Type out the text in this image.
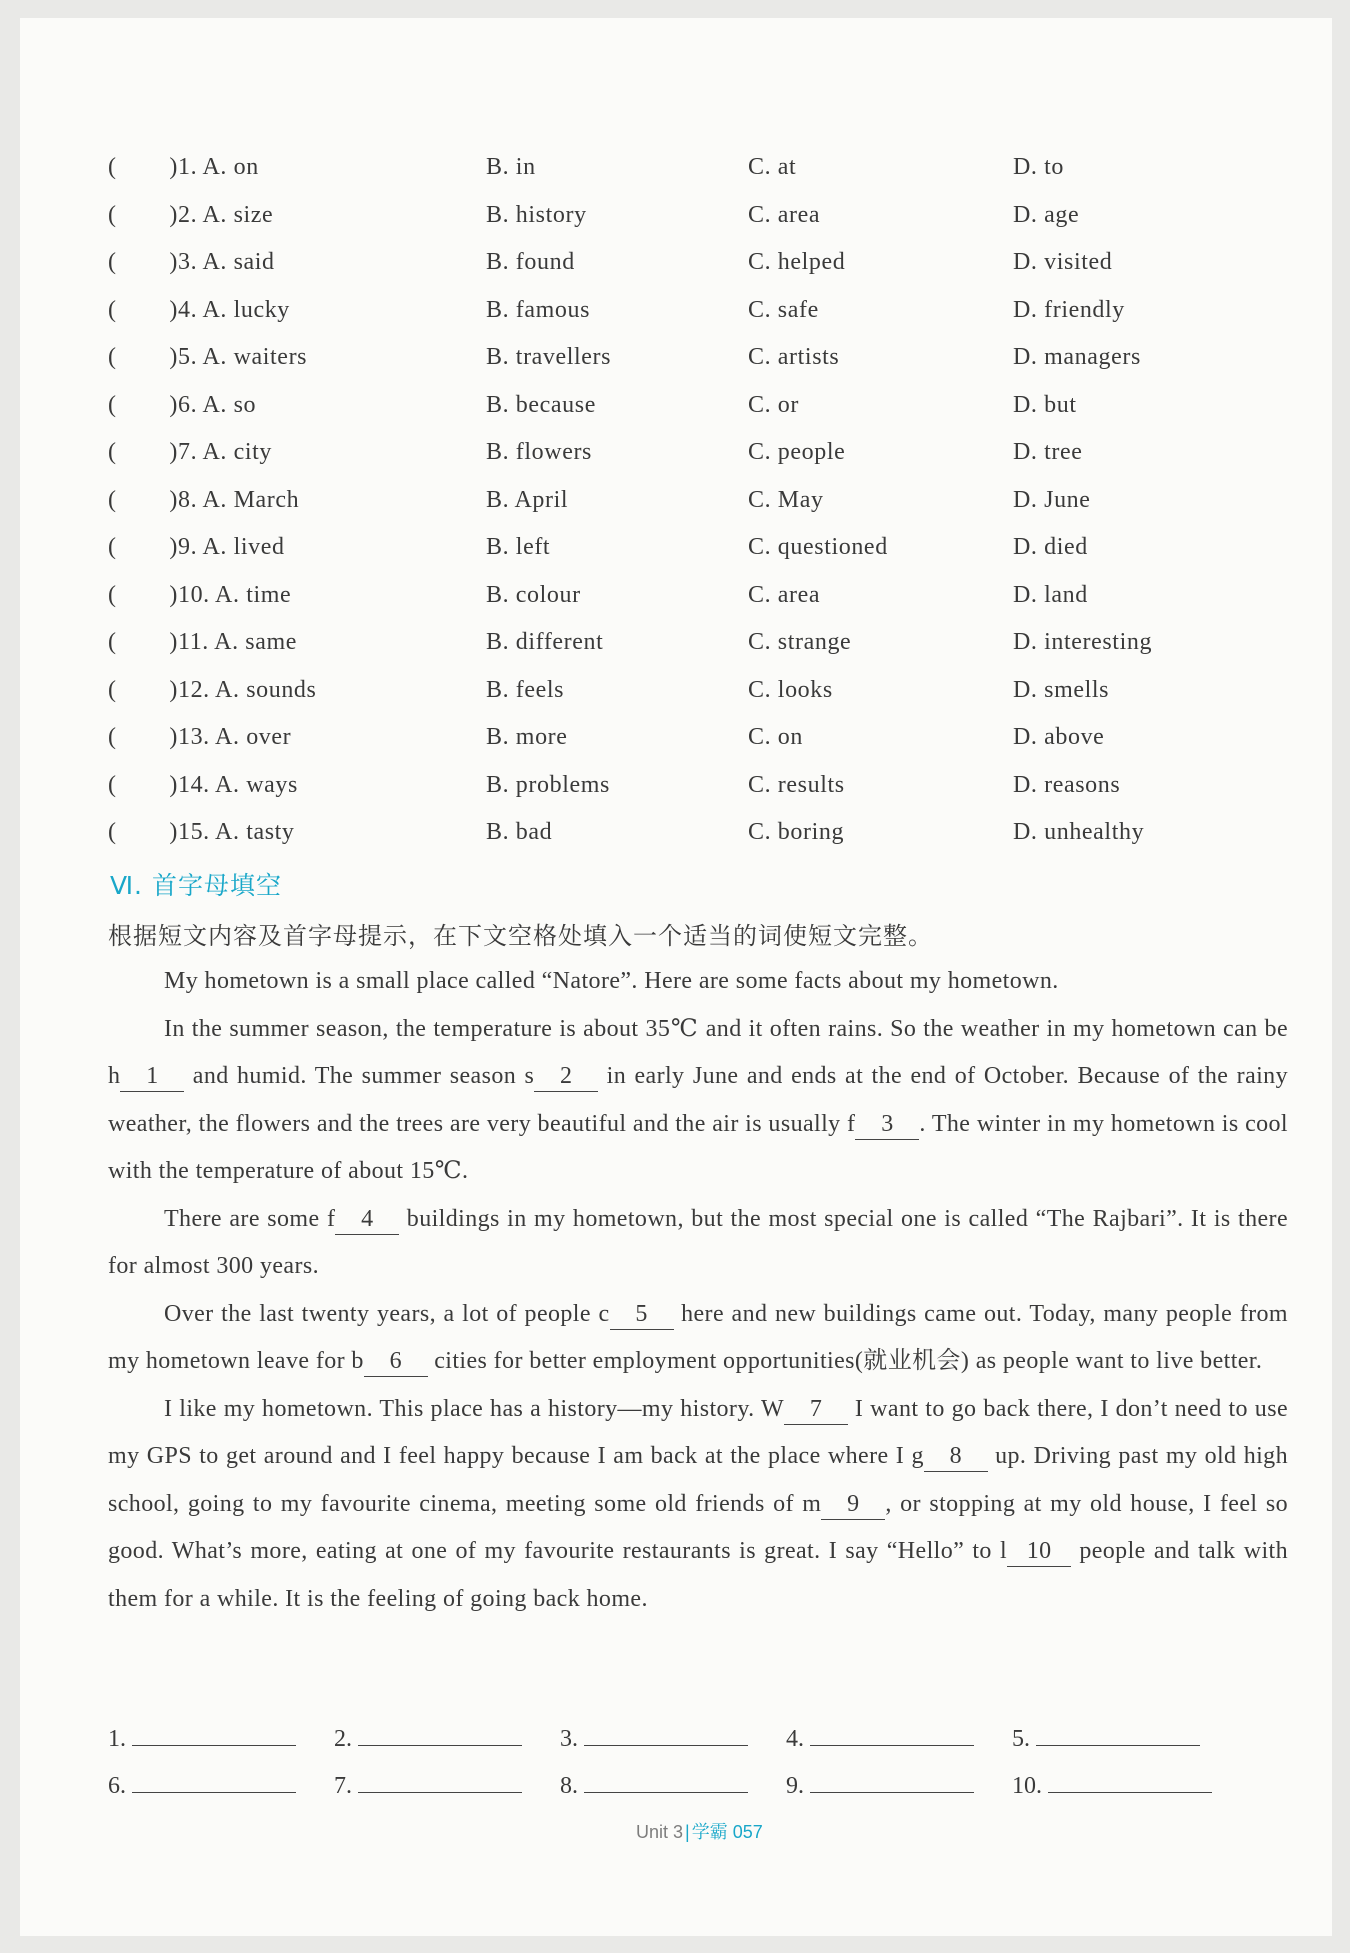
(        )1. A. on	B. in	C. at	D. to
(        )2. A. size	B. history	C. area	D. age
(        )3. A. said	B. found	C. helped	D. visited
(        )4. A. lucky	B. famous	C. safe	D. friendly
(        )5. A. waiters	B. travellers	C. artists	D. managers
(        )6. A. so	B. because	C. or	D. but
(        )7. A. city	B. flowers	C. people	D. tree
(        )8. A. March	B. April	C. May	D. June
(        )9. A. lived	B. left	C. questioned	D. died
(        )10. A. time	B. colour	C. area	D. land
(        )11. A. same	B. different	C. strange	D. interesting
(        )12. A. sounds	B. feels	C. looks	D. smells
(        )13. A. over	B. more	C. on	D. above
(        )14. A. ways	B. problems	C. results	D. reasons
(        )15. A. tasty	B. bad	C. boring	D. unhealthy
Ⅵ. 首字母填空
根据短文内容及首字母提示，在下文空格处填入一个适当的词使短文完整。

My hometown is a small place called “Natore”. Here are some facts about my hometown.

In the summer season, the temperature is about 35℃ and it often rains. So the weather in my hometown can be h 1 and humid. The summer season s 2 in early June and ends at the end of October. Because of the rainy weather, the flowers and the trees are very beautiful and the air is usually f 3 . The winter in my hometown is cool with the temperature of about 15℃.

There are some f 4 buildings in my hometown, but the most special one is called “The Rajbari”. It is there for almost 300 years.

Over the last twenty years, a lot of people c 5 here and new buildings came out. Today, many people from my hometown leave for b 6 cities for better employment opportunities(就业机会) as people want to live better.

I like my hometown. This place has a history—my history. W 7 I want to go back there, I don’t need to use my GPS to get around and I feel happy because I am back at the place where I g 8 up. Driving past my old high school, going to my favourite cinema, meeting some old friends of m 9 , or stopping at my old house, I feel so good. What’s more, eating at one of my favourite restaurants is great. I say “Hello” to l 10 people and talk with them for a while. It is the feeling of going back home.

1.	2.	3.	4.	5.
6.	7.	8.	9.	10.
Unit 3 | 学霸 057
